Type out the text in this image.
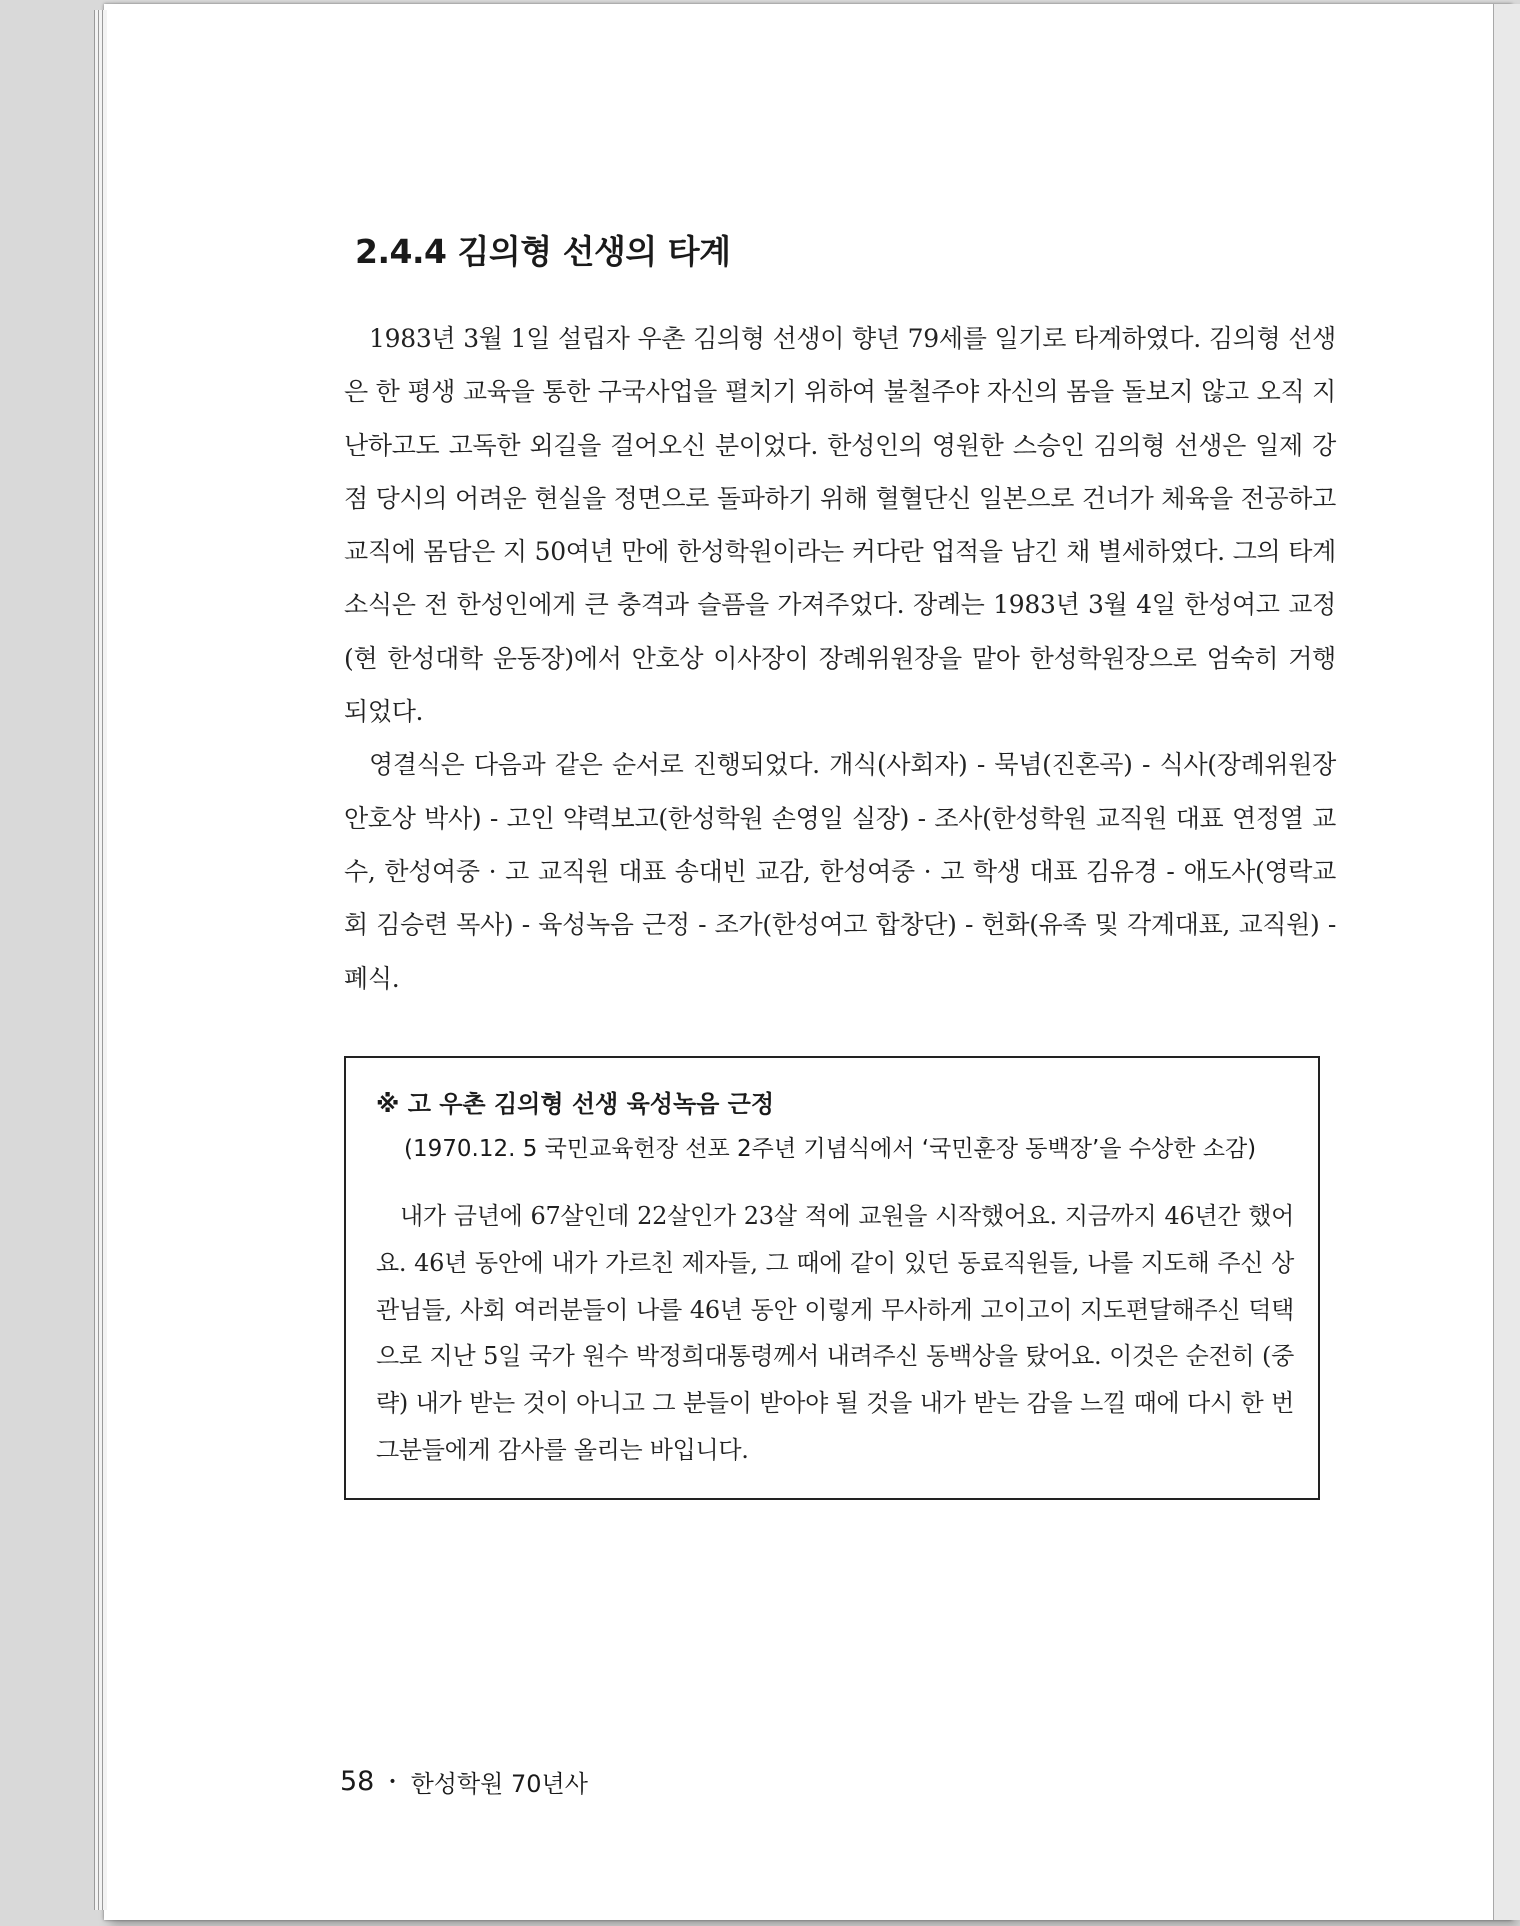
2.4.4 김의형 선생의 타계

1983년 3월 1일 설립자 우촌 김의형 선생이 향년 79세를 일기로 타계하였다. 김의형 선생은 한 평생 교육을 통한 구국사업을 펼치기 위하여 불철주야 자신의 몸을 돌보지 않고 오직 지난하고도 고독한 외길을 걸어오신 분이었다. 한성인의 영원한 스승인 김의형 선생은 일제 강점 당시의 어려운 현실을 정면으로 돌파하기 위해 혈혈단신 일본으로 건너가 체육을 전공하고 교직에 몸담은 지 50여년 만에 한성학원이라는 커다란 업적을 남긴 채 별세하였다. 그의 타계 소식은 전 한성인에게 큰 충격과 슬픔을 가져주었다. 장례는 1983년 3월 4일 한성여고 교정(현 한성대학 운동장)에서 안호상 이사장이 장례위원장을 맡아 한성학원장으로 엄숙히 거행되었다.

영결식은 다음과 같은 순서로 진행되었다. 개식(사회자) - 묵념(진혼곡) - 식사(장례위원장 안호상 박사) - 고인 약력보고(한성학원 손영일 실장) - 조사(한성학원 교직원 대표 연정열 교수, 한성여중 · 고 교직원 대표 송대빈 교감, 한성여중 · 고 학생 대표 김유경 - 애도사(영락교회 김승련 목사) - 육성녹음 근정 - 조가(한성여고 합창단) - 헌화(유족 및 각계대표, 교직원) - 폐식.

※ 고 우촌 김의형 선생 육성녹음 근정

(1970.12. 5 국민교육헌장 선포 2주년 기념식에서 ‘국민훈장 동백장’을 수상한 소감)

내가 금년에 67살인데 22살인가 23살 적에 교원을 시작했어요. 지금까지 46년간 했어요. 46년 동안에 내가 가르친 제자들, 그 때에 같이 있던 동료직원들, 나를 지도해 주신 상관님들, 사회 여러분들이 나를 46년 동안 이렇게 무사하게 고이고이 지도편달해주신 덕택으로 지난 5일 국가 원수 박정희대통령께서 내려주신 동백상을 탔어요. 이것은 순전히 (중략) 내가 받는 것이 아니고 그 분들이 받아야 될 것을 내가 받는 감을 느낄 때에 다시 한 번 그분들에게 감사를 올리는 바입니다.

58 • 한성학원 70년사
